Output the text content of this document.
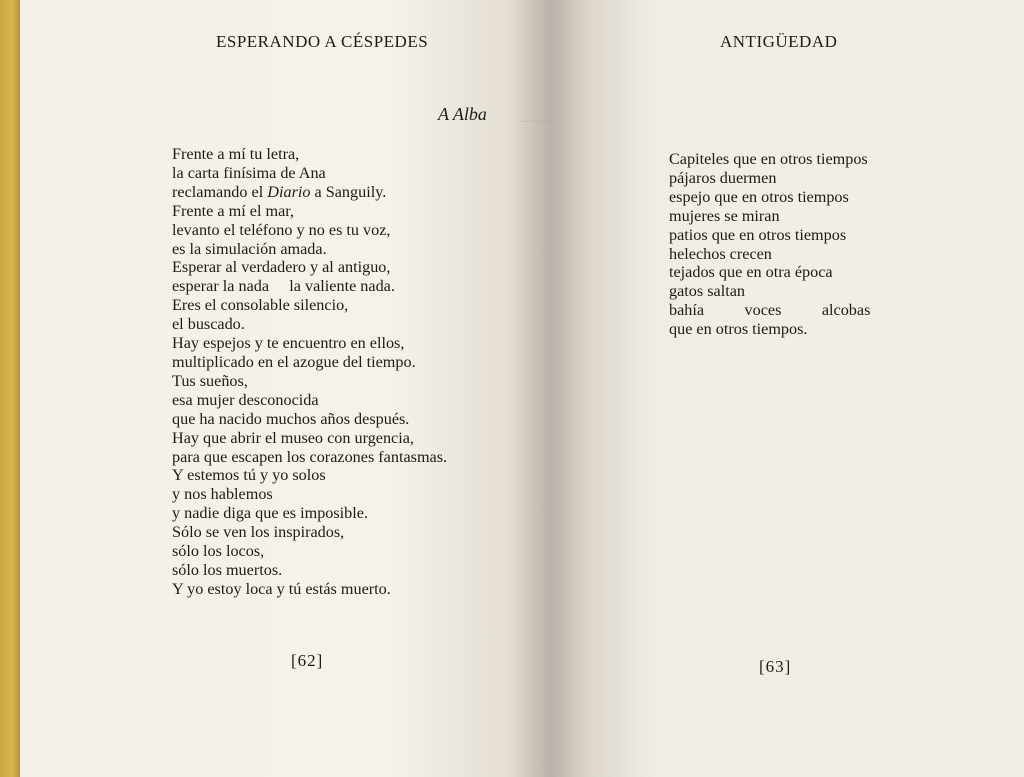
———
ESPERANDO A CÉSPEDES
A Alba
Frente a mí tu letra,
la carta finísima de Ana
reclamando el Diario a Sanguily.
Frente a mí el mar,
levanto el teléfono y no es tu voz,
es la simulación amada.
Esperar al verdadero y al antiguo,
esperar la nada     la valiente nada.
Eres el consolable silencio,
el buscado.
Hay espejos y te encuentro en ellos,
multiplicado en el azogue del tiempo.
Tus sueños,
esa mujer desconocida
que ha nacido muchos años después.
Hay que abrir el museo con urgencia,
para que escapen los corazones fantasmas.
Y estemos tú y yo solos
y nos hablemos
y nadie diga que es imposible.
Sólo se ven los inspirados,
sólo los locos,
sólo los muertos.
Y yo estoy loca y tú estás muerto.
[62]
ANTIGÜEDAD
Capiteles que en otros tiempos
pájaros duermen
espejo que en otros tiempos
mujeres se miran
patios que en otros tiempos
helechos crecen
tejados que en otra época
gatos saltan
bahía          voces          alcobas
que en otros tiempos.
[63]
